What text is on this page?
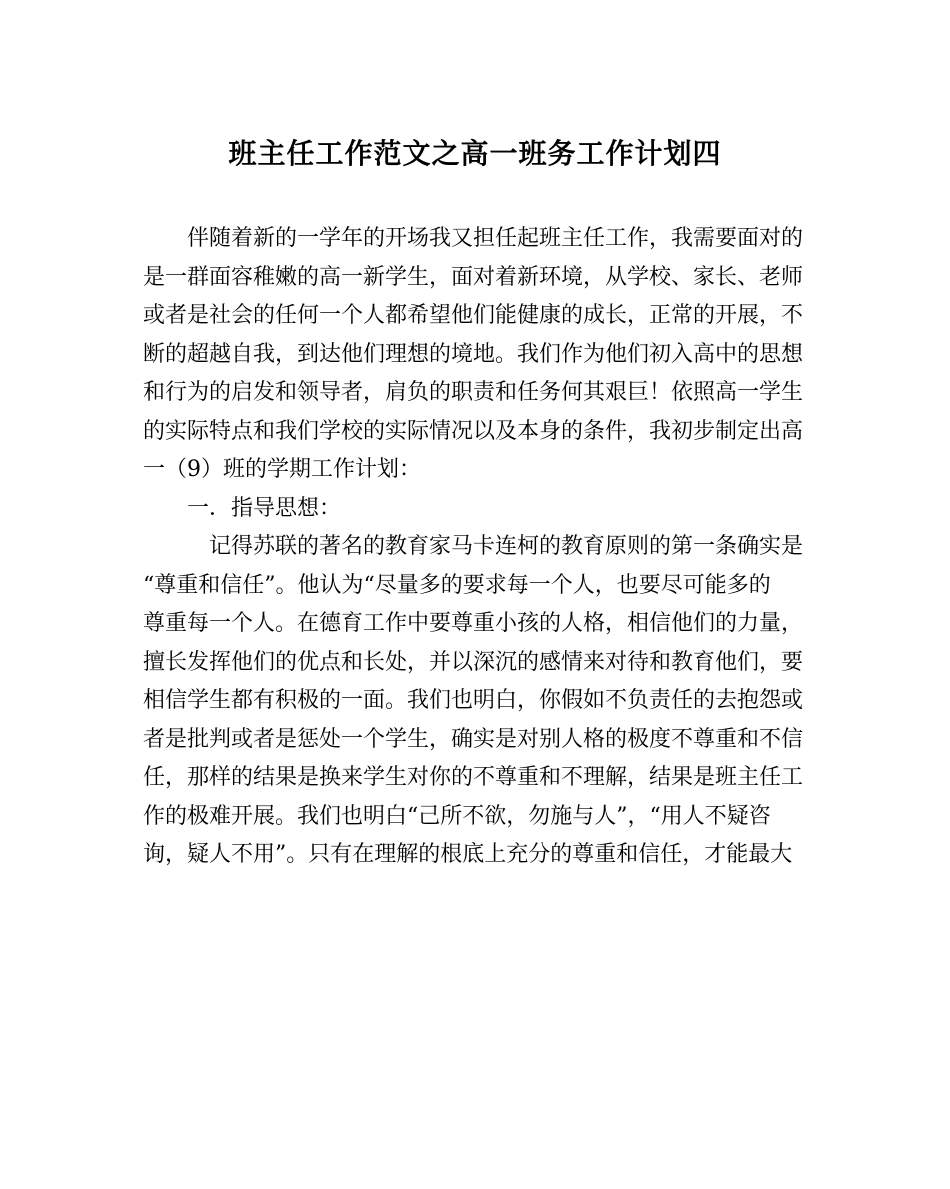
班主任工作范文之高一班务工作计划四

伴随着新的一学年的开场我又担任起班主任工作，我需要面对的

是一群面容稚嫩的高一新学生，面对着新环境，从学校、家长、老师

或者是社会的任何一个人都希望他们能健康的成长，正常的开展，不

断的超越自我，到达他们理想的境地。我们作为他们初入高中的思想

和行为的启发和领导者，肩负的职责和任务何其艰巨！依照高一学生

的实际特点和我们学校的实际情况以及本身的条件，我初步制定出高

一（9）班的学期工作计划：

一．指导思想：

记得苏联的著名的教育家马卡连柯的教育原则的第一条确实是

“尊重和信任”。他认为“尽量多的要求每一个人，也要尽可能多的

尊重每一个人。在德育工作中要尊重小孩的人格，相信他们的力量，

擅长发挥他们的优点和长处，并以深沉的感情来对待和教育他们，要

相信学生都有积极的一面。我们也明白，你假如不负责任的去抱怨或

者是批判或者是惩处一个学生，确实是对别人格的极度不尊重和不信

任，那样的结果是换来学生对你的不尊重和不理解，结果是班主任工

作的极难开展。我们也明白“己所不欲，勿施与人”，“用人不疑咨

询，疑人不用”。只有在理解的根底上充分的尊重和信任，才能最大
